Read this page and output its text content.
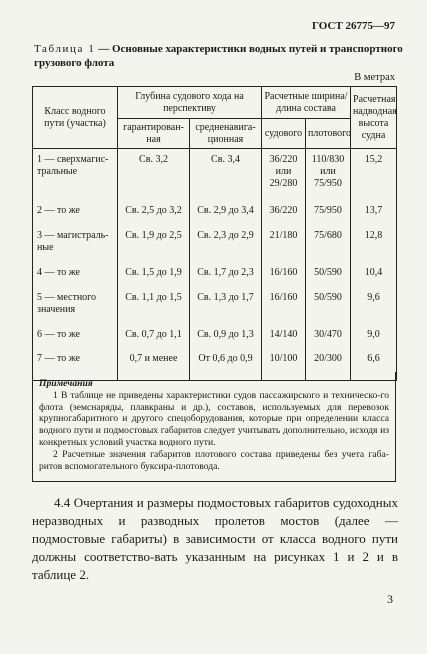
ГОСТ 26775—97
Таблица 1 — Основные характеристики водных путей и транспортного грузового флота
В метрах
Класс водного пути (участка)	Глубина судового хода на перспективу		Расчетные ширина/длина состава		Расчетная надводная высота судна
	гарантирован-ная	средненавига-ционная	судового	плотового	
1 — сверхмагис-тральные	Св. 3,2	Св. 3,4	36/220 или 29/280	110/830 или 75/950	15,2
2 — то же	Св. 2,5 до 3,2	Св. 2,9 до 3,4	36/220	75/950	13,7
3 — магистраль-ные	Св. 1,9 до 2,5	Св. 2,3 до 2,9	21/180	75/680	12,8
4 — то же	Св. 1,5 до 1,9	Св. 1,7 до 2,3	16/160	50/590	10,4
5 — местного значения	Св. 1,1 до 1,5	Св. 1,3 до 1,7	16/160	50/590	9,6
6 — то же	Св. 0,7 до 1,1	Св. 0,9 до 1,3	14/140	30/470	9,0
7 — то же	0,7 и менее	От 0,6 до 0,9	10/100	20/300	6,6
Примечания

1 В таблице не приведены характеристики судов пассажирского и техническо-го флота (земснаряды, плавкраны и др.), составов, используемых для перевозок крупногабаритного и другого спецоборудования, которые при определении класса водного пути и подмостовых габаритов следует учитывать дополнительно, исходя из конкретных условий участка водного пути.

2 Расчетные значения габаритов плотового состава приведены без учета габа-ритов вспомогательного буксира-плотовода.

4.4 Очертания и размеры подмостовых габаритов судоходных неразводных и разводных пролетов мостов (далее — подмостовые габариты) в зависимости от класса водного пути должны соответство-вать указанным на рисунках 1 и 2 и в таблице 2.
3
